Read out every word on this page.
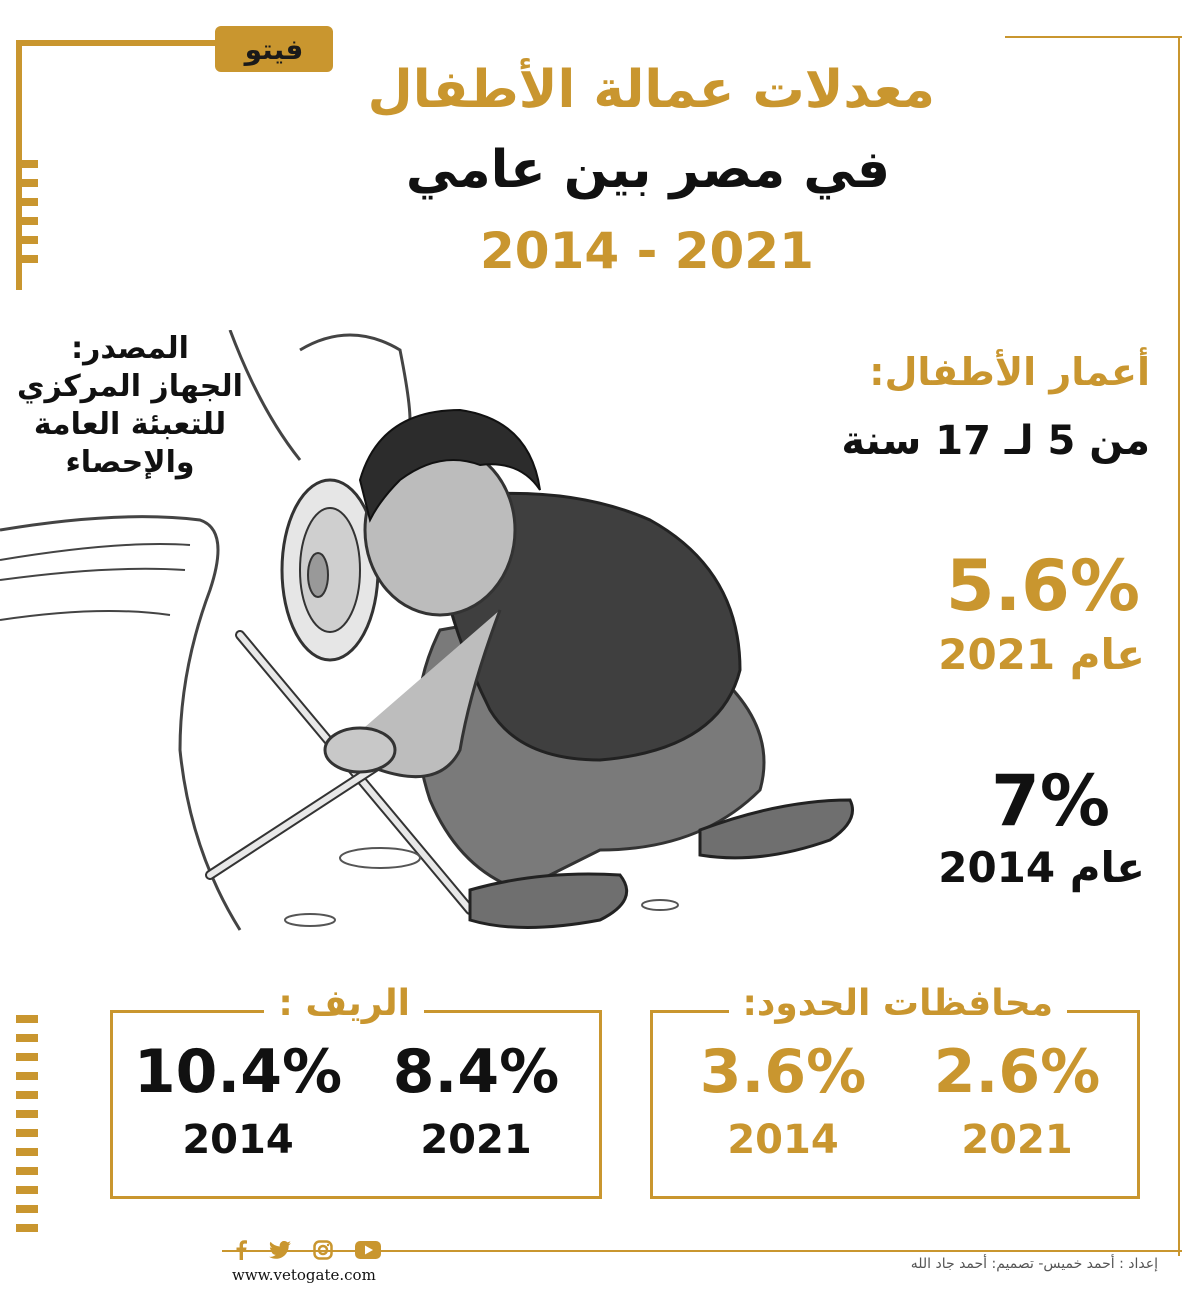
فيتو
معدلات عمالة الأطفال
في مصر بين عامي
2014 - 2021
المصدر:
الجهاز المركزي
للتعبئة العامة
والإحصاء
أعمار الأطفال:
من 5 لـ 17 سنة
5.6%
عام 2021
7%
عام 2014
الريف :
8.4%
2021
10.4%
2014
محافظات الحدود:
2.6%
2021
3.6%
2014
www.vetogate.com
إعداد : أحمد خميس- تصميم: أحمد جاد الله
